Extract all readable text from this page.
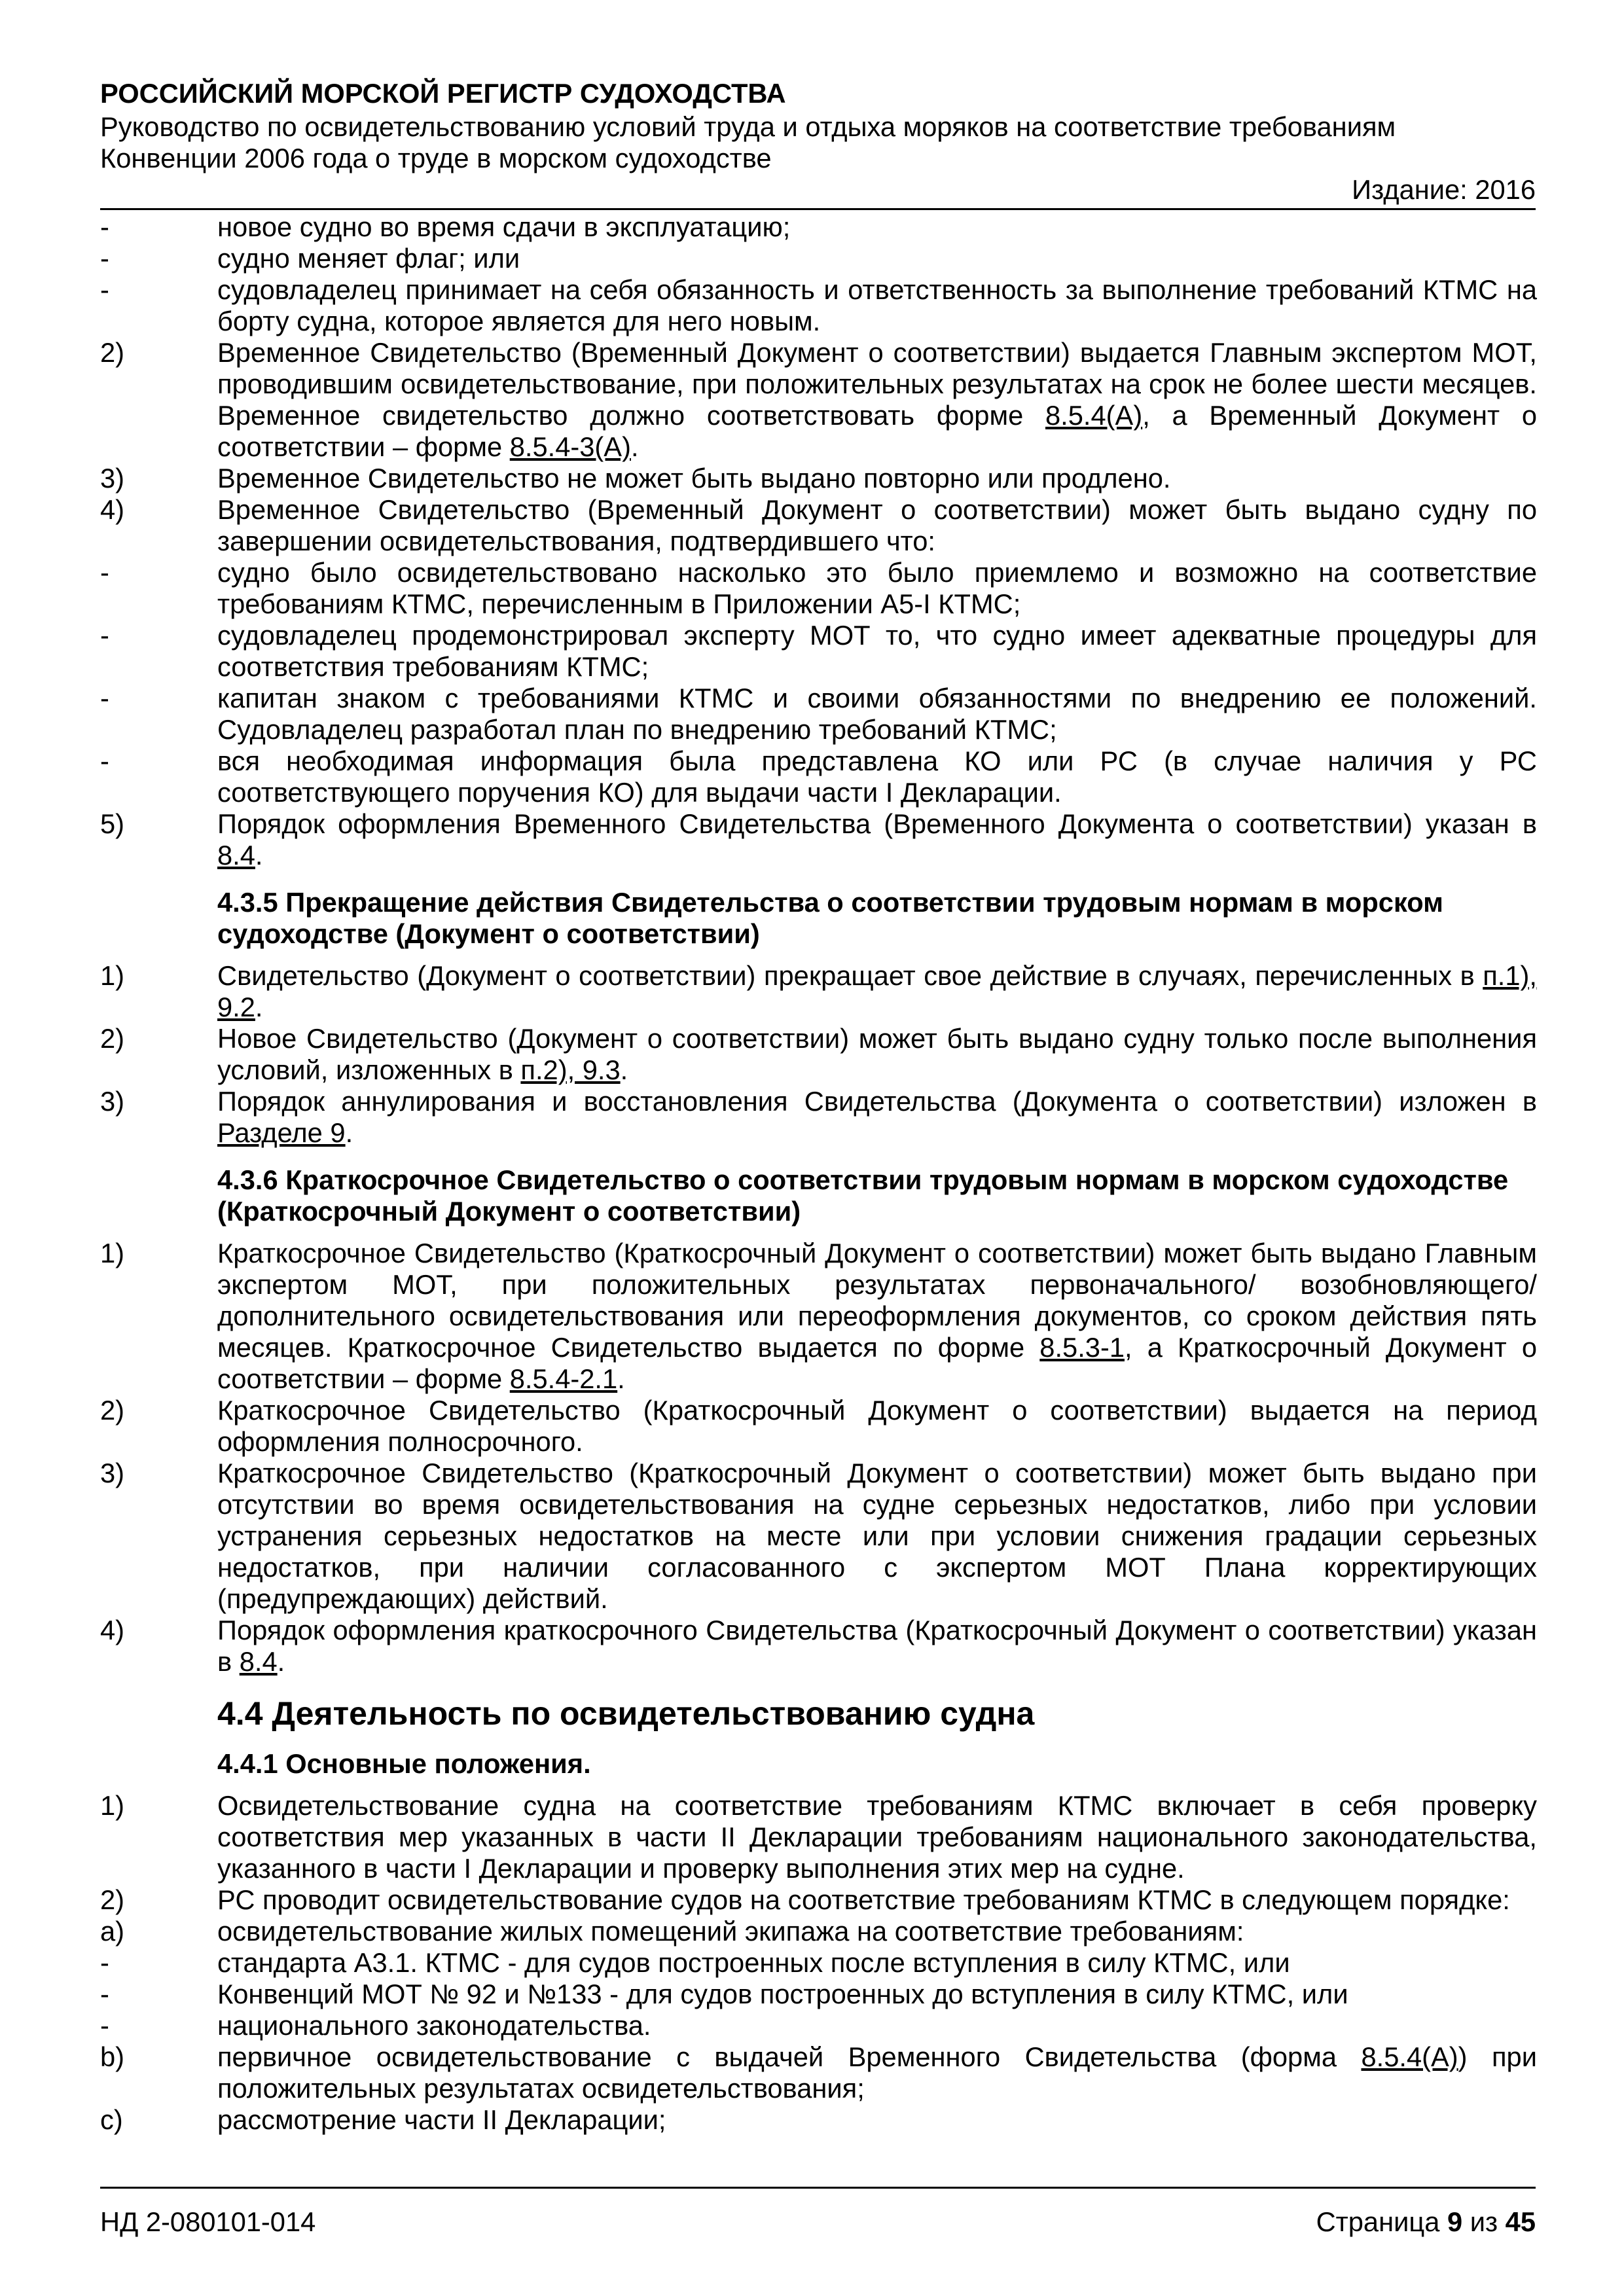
РОССИЙСКИЙ МОРСКОЙ РЕГИСТР СУДОХОДСТВА
Руководство по освидетельствованию условий труда и отдыха моряков на соответствие требованиям Конвенции 2006 года о труде в морском судоходстве
Издание: 2016
-	новое судно во время сдачи в эксплуатацию;
-	судно меняет флаг; или
-	судовладелец принимает на себя обязанность и ответственность за выполнение требований КТМС на борту судна, которое является для него новым.
2)	Временное Свидетельство (Временный Документ о соответствии) выдается Главным экспертом МОТ, проводившим освидетельствование, при положительных результатах на срок не более шести месяцев. Временное свидетельство должно соответствовать форме 8.5.4(А), а Временный Документ о соответствии – форме 8.5.4-3(А).
3)	Временное Свидетельство не может быть выдано повторно или продлено.
4)	Временное Свидетельство (Временный Документ о соответствии) может быть выдано судну по завершении освидетельствования, подтвердившего что:
-	судно было освидетельствовано насколько это было приемлемо и возможно на соответствие требованиям КТМС, перечисленным в Приложении А5-I КТМС;
-	судовладелец продемонстрировал эксперту МОТ то, что судно имеет адекватные процедуры для соответствия требованиям КТМС;
-	капитан знаком с требованиями КТМС и своими обязанностями по внедрению ее положений. Судовладелец разработал план по внедрению требований КТМС;
-	вся необходимая информация была представлена КО или РС (в случае наличия у РС соответствующего поручения КО) для выдачи части I Декларации.
5)	Порядок оформления Временного Свидетельства (Временного Документа о соответствии) указан в 8.4.
4.3.5 Прекращение действия Свидетельства о соответствии трудовым нормам в морском судоходстве (Документ о соответствии)
1)	Свидетельство (Документ о соответствии) прекращает свое действие в случаях, перечисленных в п.1), 9.2.
2)	Новое Свидетельство (Документ о соответствии) может быть выдано судну только после выполнения условий, изложенных в п.2), 9.3.
3)	Порядок аннулирования и восстановления Свидетельства (Документа о соответствии) изложен в Разделе 9.
4.3.6 Краткосрочное Свидетельство о соответствии трудовым нормам в морском судоходстве (Краткосрочный Документ о соответствии)
1)	Краткосрочное Свидетельство (Краткосрочный Документ о соответствии) может быть выдано Главным экспертом МОТ, при положительных результатах первоначального/ возобновляющего/ дополнительного освидетельствования или переоформления документов, со сроком действия пять месяцев. Краткосрочное Свидетельство выдается по форме 8.5.3-1, а Краткосрочный Документ о соответствии – форме 8.5.4-2.1.
2)	Краткосрочное Свидетельство (Краткосрочный Документ о соответствии) выдается на период оформления полносрочного.
3)	Краткосрочное Свидетельство (Краткосрочный Документ о соответствии) может быть выдано при отсутствии во время освидетельствования на судне серьезных недостатков, либо при условии устранения серьезных недостатков на месте или при условии снижения градации серьезных недостатков, при наличии согласованного с экспертом МОТ Плана корректирующих (предупреждающих) действий.
4)	Порядок оформления краткосрочного Свидетельства (Краткосрочный Документ о соответствии) указан в 8.4.
4.4 Деятельность по освидетельствованию судна
4.4.1 Основные положения.
1)	Освидетельствование судна на соответствие требованиям КТМС включает в себя проверку соответствия мер указанных в части II Декларации требованиям национального законодательства, указанного в части I Декларации и проверку выполнения этих мер на судне.
2)	РС проводит освидетельствование судов на соответствие требованиям КТМС в следующем порядке:
a)	освидетельствование жилых помещений экипажа на соответствие требованиям:
-	стандарта А3.1. КТМС - для судов построенных после вступления в силу КТМС, или
-	Конвенций МОТ № 92 и №133 - для судов построенных до вступления в силу КТМС, или
-	национального законодательства.
b)	первичное освидетельствование с выдачей Временного Свидетельства (форма 8.5.4(А)) при положительных результатах освидетельствования;
c)	рассмотрение части II Декларации;
НД 2-080101-014	Страница 9 из 45
